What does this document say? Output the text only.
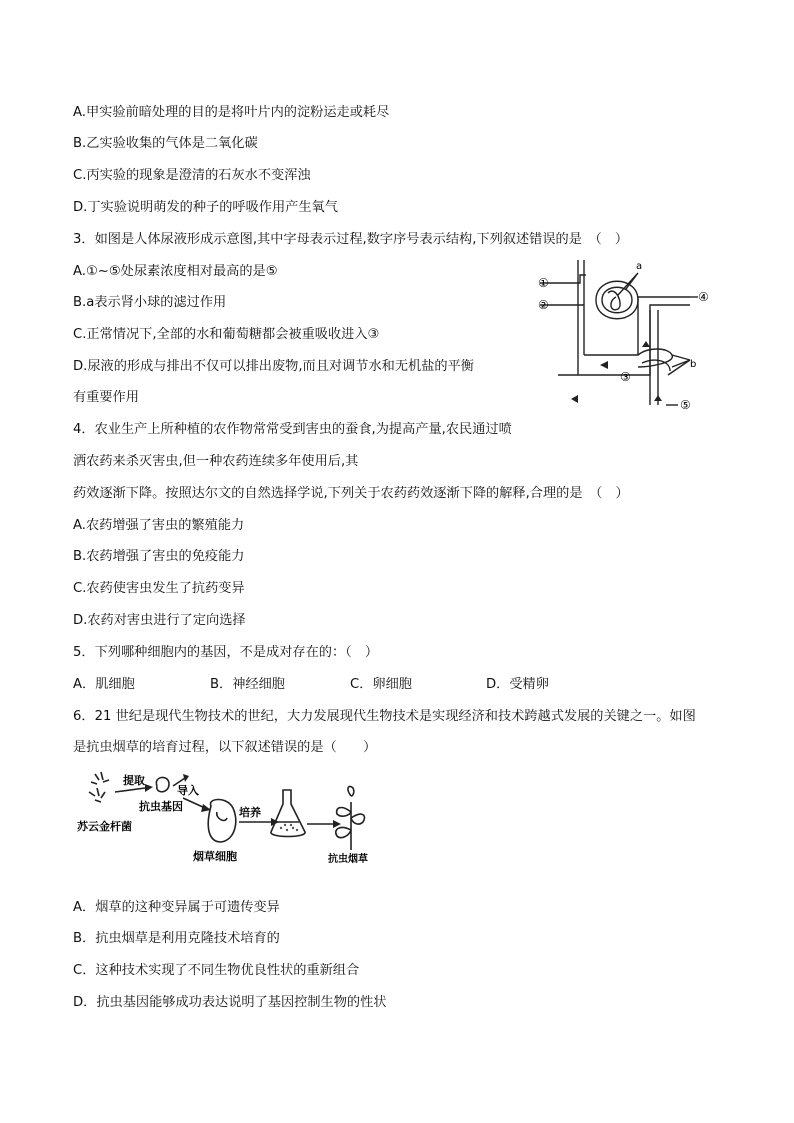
A.甲实验前暗处理的目的是将叶片内的淀粉运走或耗尽
B.乙实验收集的气体是二氧化碳
C.丙实验的现象是澄清的石灰水不变浑浊
D.丁实验说明萌发的种子的呼吸作用产生氧气
3．如图是人体尿液形成示意图,其中字母表示过程,数字序号表示结构,下列叙述错误的是　（　）
A.①~⑤处尿素浓度相对最高的是⑤
B.a表示肾小球的滤过作用
C.正常情况下,全部的水和葡萄糖都会被重吸收进入③
D.尿液的形成与排出不仅可以排出废物,而且对调节水和无机盐的平衡
有重要作用
①
②
③
④
⑤
a
b
4．农业生产上所种植的农作物常常受到害虫的蚕食,为提高产量,农民通过喷
洒农药来杀灭害虫,但一种农药连续多年使用后,其
药效逐渐下降。按照达尔文的自然选择学说,下列关于农药药效逐渐下降的解释,合理的是　（　）
A.农药增强了害虫的繁殖能力
B.农药增强了害虫的免疫能力
C.农药使害虫发生了抗药变异
D.农药对害虫进行了定向选择
5．下列哪种细胞内的基因，不是成对存在的：（　）
A．肌细胞	B．神经细胞	C．卵细胞	D．受精卵
6．21 世纪是现代生物技术的世纪，大力发展现代生物技术是实现经济和技术跨越式发展的关键之一。如图
是抗虫烟草的培育过程，以下叙述错误的是（　　）
提取
导入
抗虫基因
苏云金杆菌
培养
烟草细胞	抗虫烟草
A．烟草的这种变异属于可遗传变异
B．抗虫烟草是利用克隆技术培育的
C．这种技术实现了不同生物优良性状的重新组合
D．抗虫基因能够成功表达说明了基因控制生物的性状
